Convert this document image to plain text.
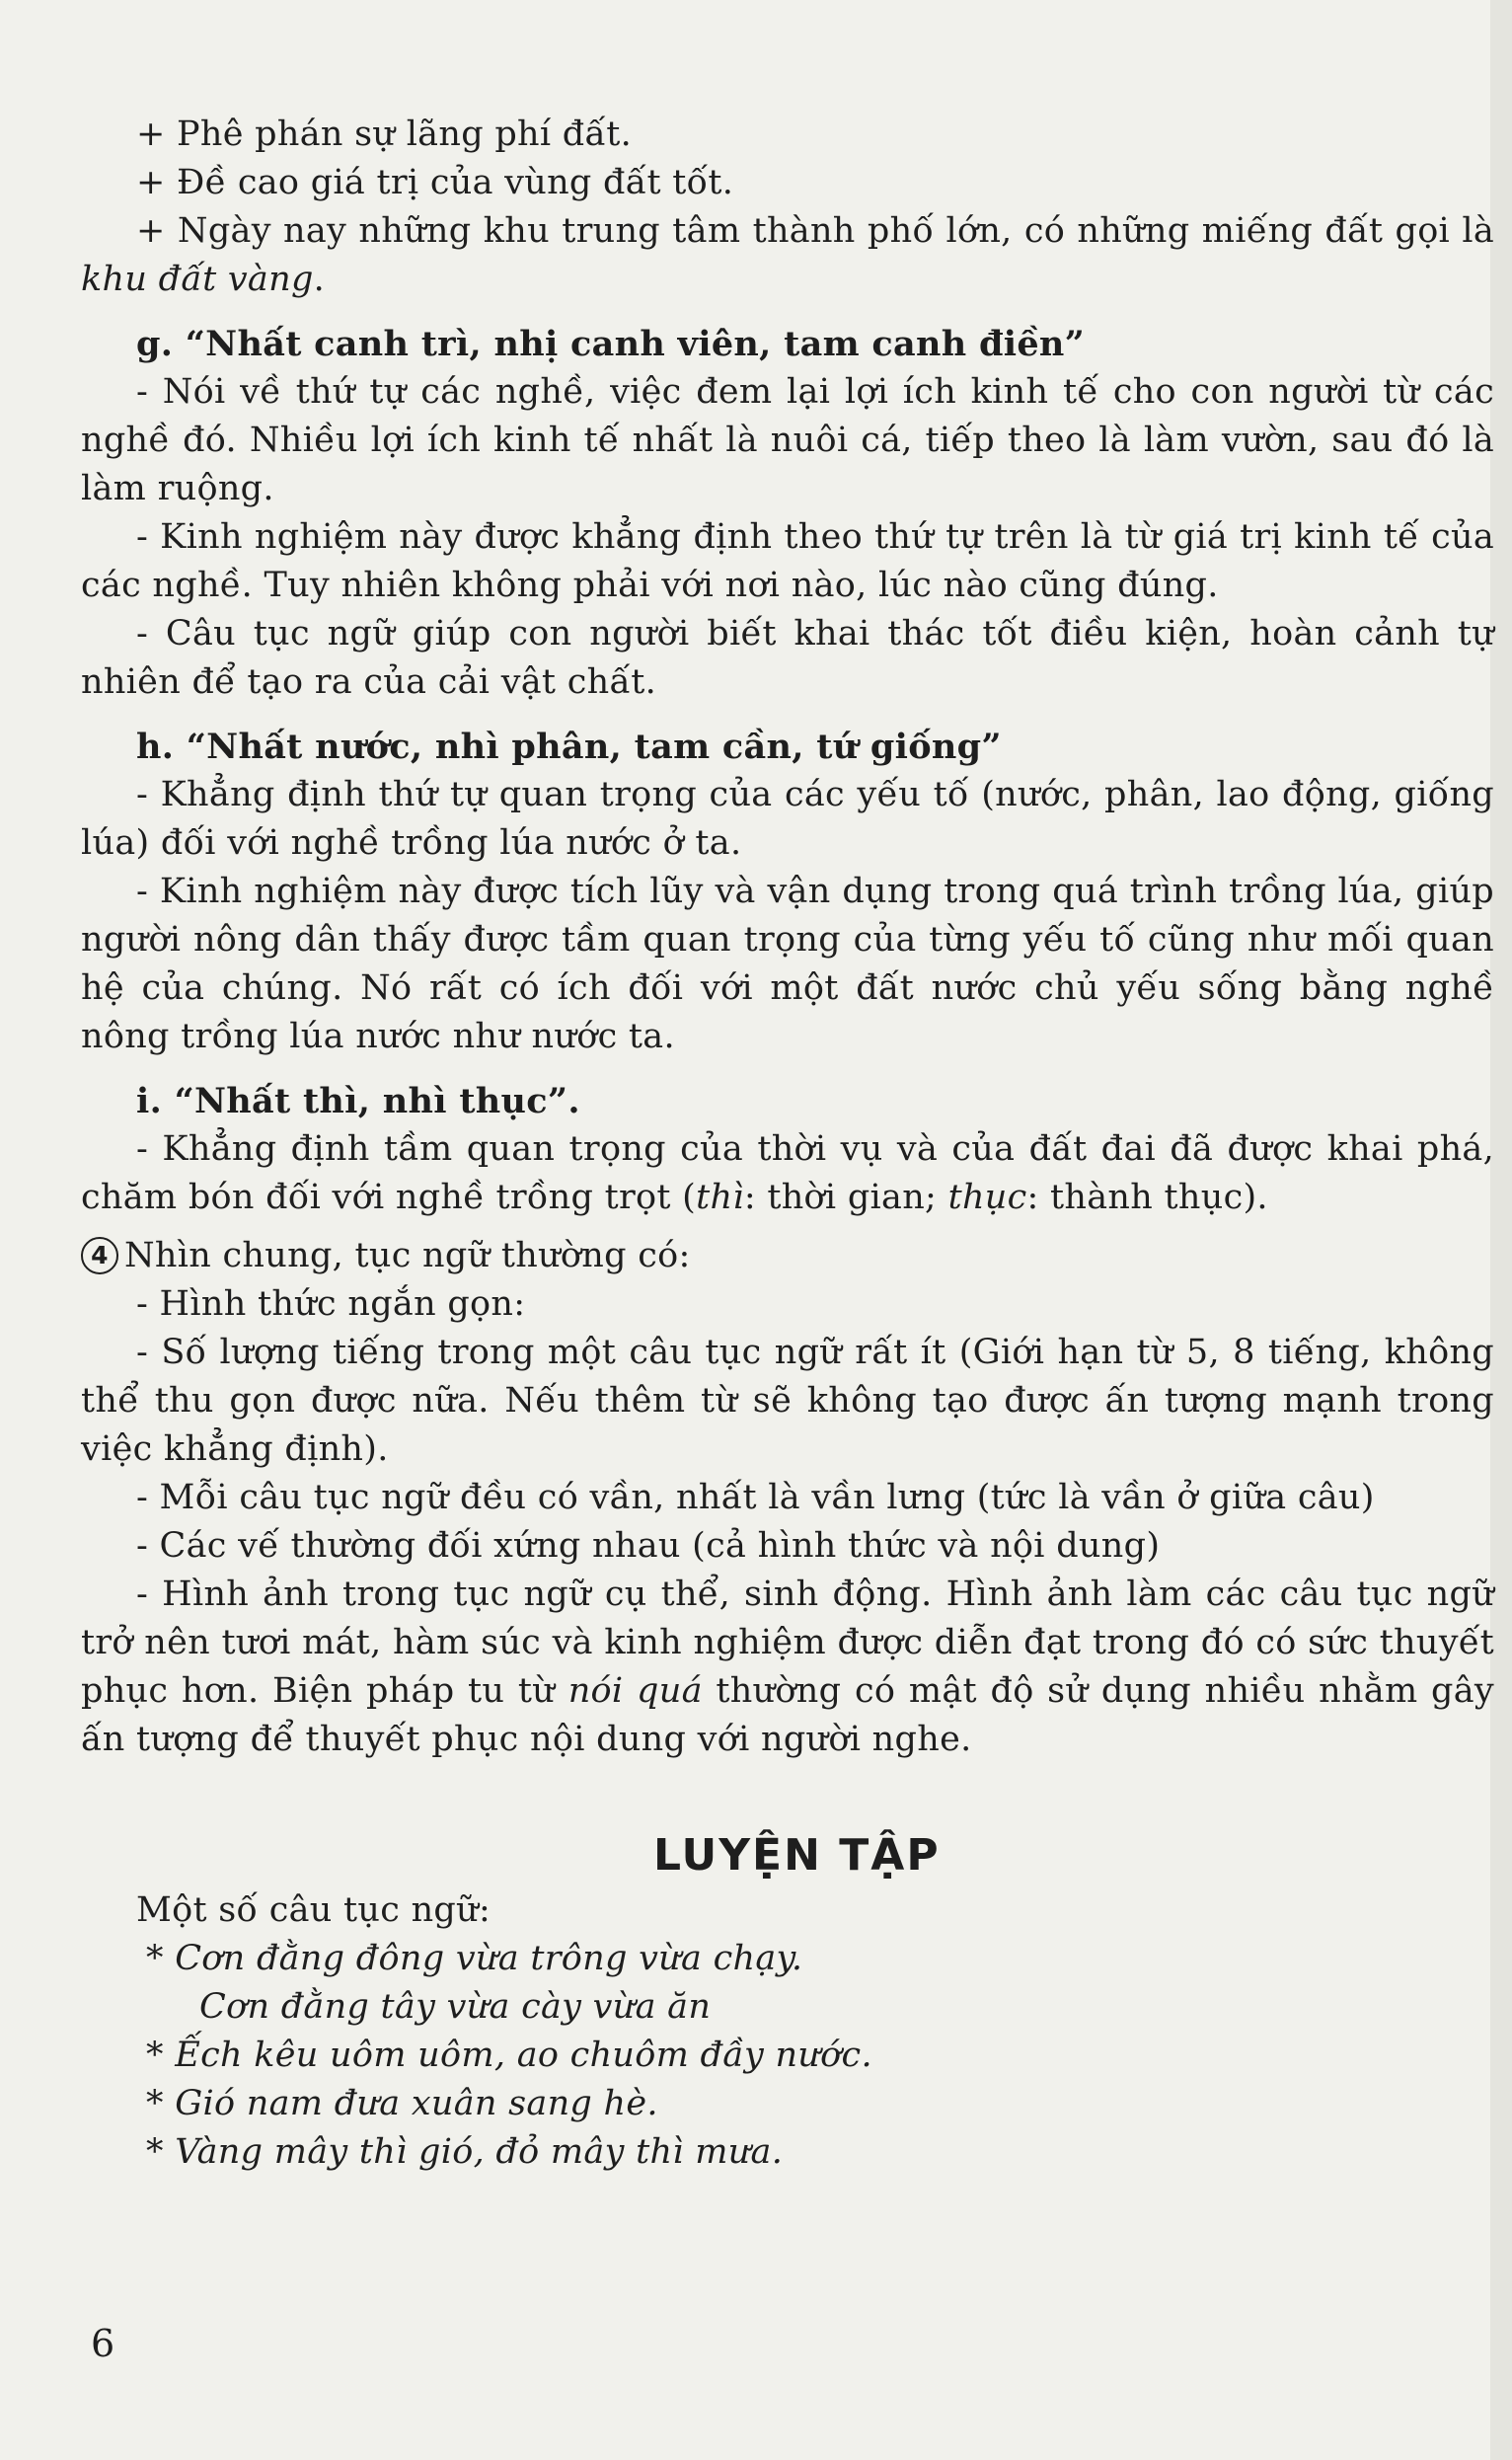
+ Phê phán sự lãng phí đất.

+ Đề cao giá trị của vùng đất tốt.

+ Ngày nay những khu trung tâm thành phố lớn, có những miếng đất gọi là khu đất vàng.

g. “Nhất canh trì, nhị canh viên, tam canh điền”

- Nói về thứ tự các nghề, việc đem lại lợi ích kinh tế cho con người từ các nghề đó. Nhiều lợi ích kinh tế nhất là nuôi cá, tiếp theo là làm vườn, sau đó là làm ruộng.

- Kinh nghiệm này được khẳng định theo thứ tự trên là từ giá trị kinh tế của các nghề. Tuy nhiên không phải với nơi nào, lúc nào cũng đúng.

- Câu tục ngữ giúp con người biết khai thác tốt điều kiện, hoàn cảnh tự nhiên để tạo ra của cải vật chất.

h. “Nhất nước, nhì phân, tam cần, tứ giống”

- Khẳng định thứ tự quan trọng của các yếu tố (nước, phân, lao động, giống lúa) đối với nghề trồng lúa nước ở ta.

- Kinh nghiệm này được tích lũy và vận dụng trong quá trình trồng lúa, giúp người nông dân thấy được tầm quan trọng của từng yếu tố cũng như mối quan hệ của chúng. Nó rất có ích đối với một đất nước chủ yếu sống bằng nghề nông trồng lúa nước như nước ta.

i. “Nhất thì, nhì thục”.

- Khẳng định tầm quan trọng của thời vụ và của đất đai đã được khai phá, chăm bón đối với nghề trồng trọt (thì: thời gian; thục: thành thục).

4 Nhìn chung, tục ngữ thường có:

- Hình thức ngắn gọn:

- Số lượng tiếng trong một câu tục ngữ rất ít (Giới hạn từ 5, 8 tiếng, không thể thu gọn được nữa. Nếu thêm từ sẽ không tạo được ấn tượng mạnh trong việc khẳng định).

- Mỗi câu tục ngữ đều có vần, nhất là vần lưng (tức là vần ở giữa câu)

- Các vế thường đối xứng nhau (cả hình thức và nội dung)

- Hình ảnh trong tục ngữ cụ thể, sinh động. Hình ảnh làm các câu tục ngữ trở nên tươi mát, hàm súc và kinh nghiệm được diễn đạt trong đó có sức thuyết phục hơn. Biện pháp tu từ nói quá thường có mật độ sử dụng nhiều nhằm gây ấn tượng để thuyết phục nội dung với người nghe.

LUYỆN TẬP

Một số câu tục ngữ:

* Cơn đằng đông vừa trông vừa chạy.

Cơn đằng tây vừa cày vừa ăn

* Ếch kêu uôm uôm, ao chuôm đầy nước.

* Gió nam đưa xuân sang hè.

* Vàng mây thì gió, đỏ mây thì mưa.

6
